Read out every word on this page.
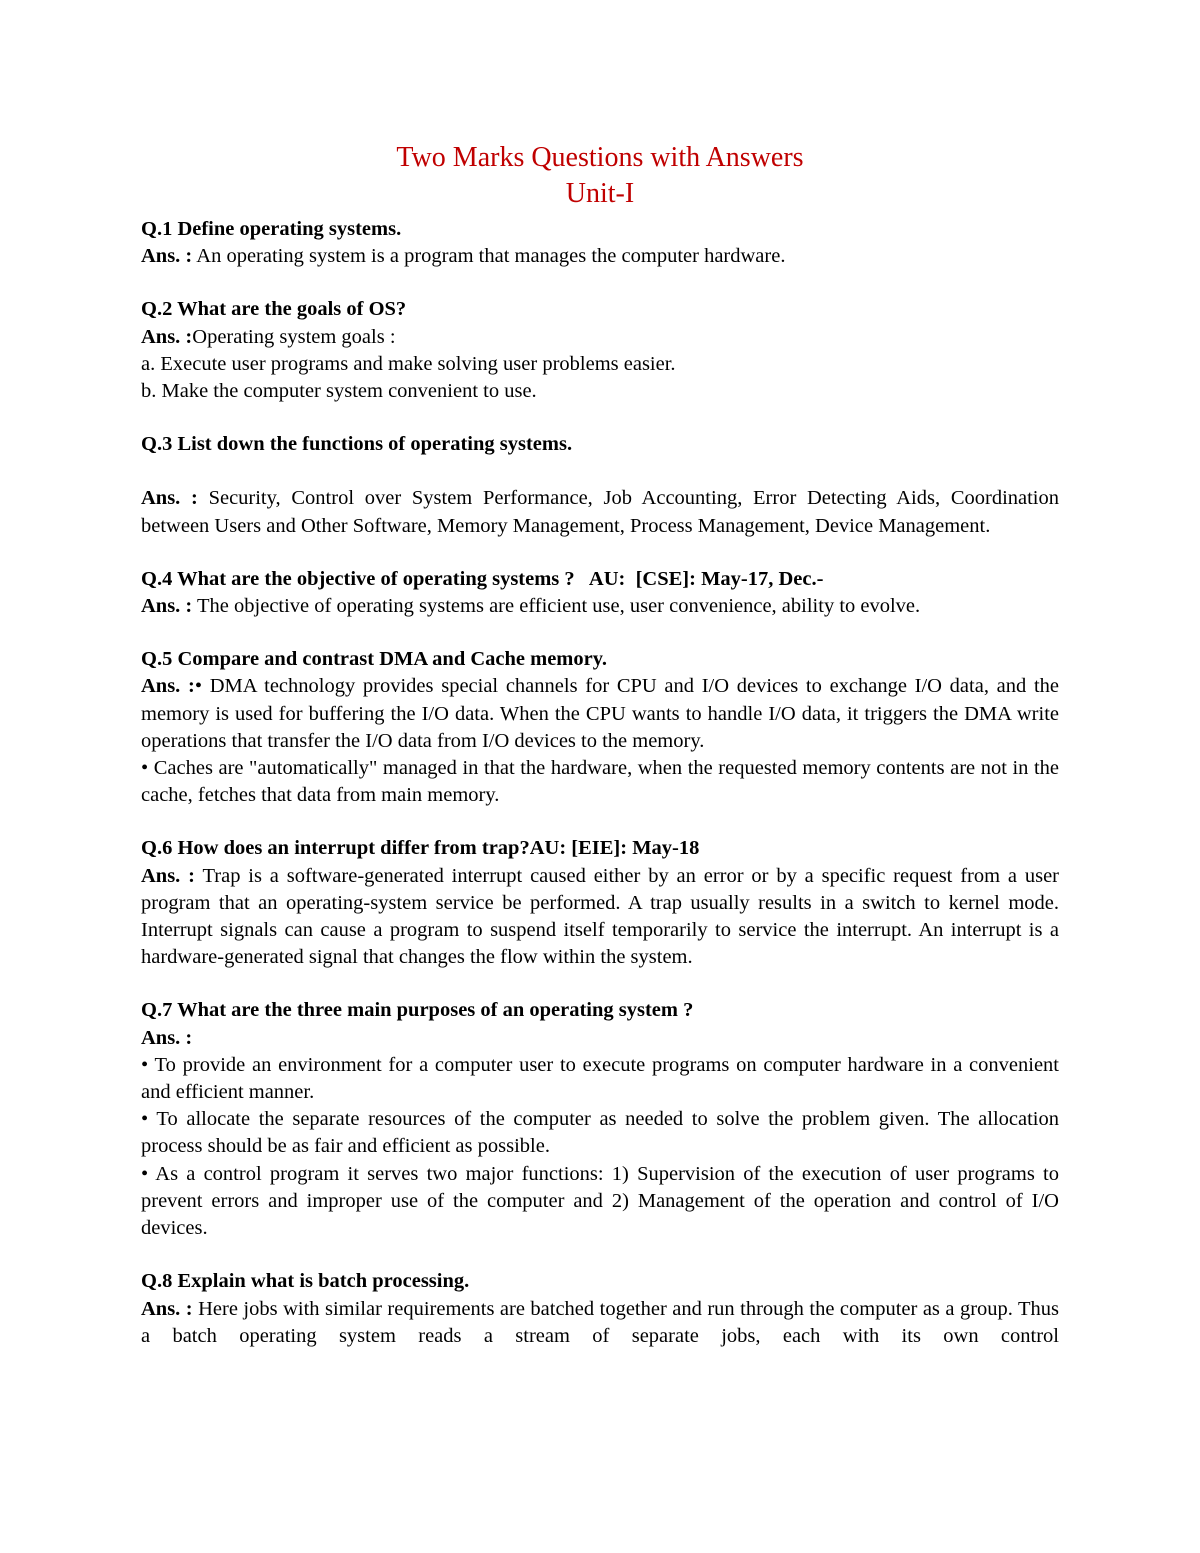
Two Marks Questions with Answers

Unit-I

Q.1 Define operating systems.

Ans. : An operating system is a program that manages the computer hardware.

Q.2 What are the goals of OS?

Ans. :Operating system goals :

a. Execute user programs and make solving user problems easier.

b. Make the computer system convenient to use.

Q.3 List down the functions of operating systems.

Ans. : Security, Control over System Performance, Job Accounting, Error Detecting Aids, Coordination between Users and Other Software, Memory Management, Process Management, Device Management.

Q.4 What are the objective of operating systems ?   AU:  [CSE]: May-17, Dec.-

Ans. : The objective of operating systems are efficient use, user convenience, ability to evolve.

Q.5 Compare and contrast DMA and Cache memory.

Ans. :• DMA technology provides special channels for CPU and I/O devices to exchange I/O data, and the memory is used for buffering the I/O data. When the CPU wants to handle I/O data, it triggers the DMA write operations that transfer the I/O data from I/O devices to the memory.

• Caches are "automatically" managed in that the hardware, when the requested memory contents are not in the cache, fetches that data from main memory.

Q.6 How does an interrupt differ from trap?AU: [EIE]: May-18

Ans. : Trap is a software-generated interrupt caused either by an error or by a specific request from a user program that an operating-system service be performed. A trap usually results in a switch to kernel mode. Interrupt signals can cause a program to suspend itself temporarily to service the interrupt. An interrupt is a hardware-generated signal that changes the flow within the system.

Q.7 What are the three main purposes of an operating system ?

Ans. :

• To provide an environment for a computer user to execute programs on computer hardware in a convenient and efficient manner.

• To allocate the separate resources of the computer as needed to solve the problem given. The allocation process should be as fair and efficient as possible.

• As a control program it serves two major functions: 1) Supervision of the execution of user programs to prevent errors and improper use of the computer and 2) Management of the operation and control of I/O devices.

Q.8 Explain what is batch processing.

Ans. : Here jobs with similar requirements are batched together and run through the computer as a group. Thus a batch operating system reads a stream of separate jobs, each with its own control
